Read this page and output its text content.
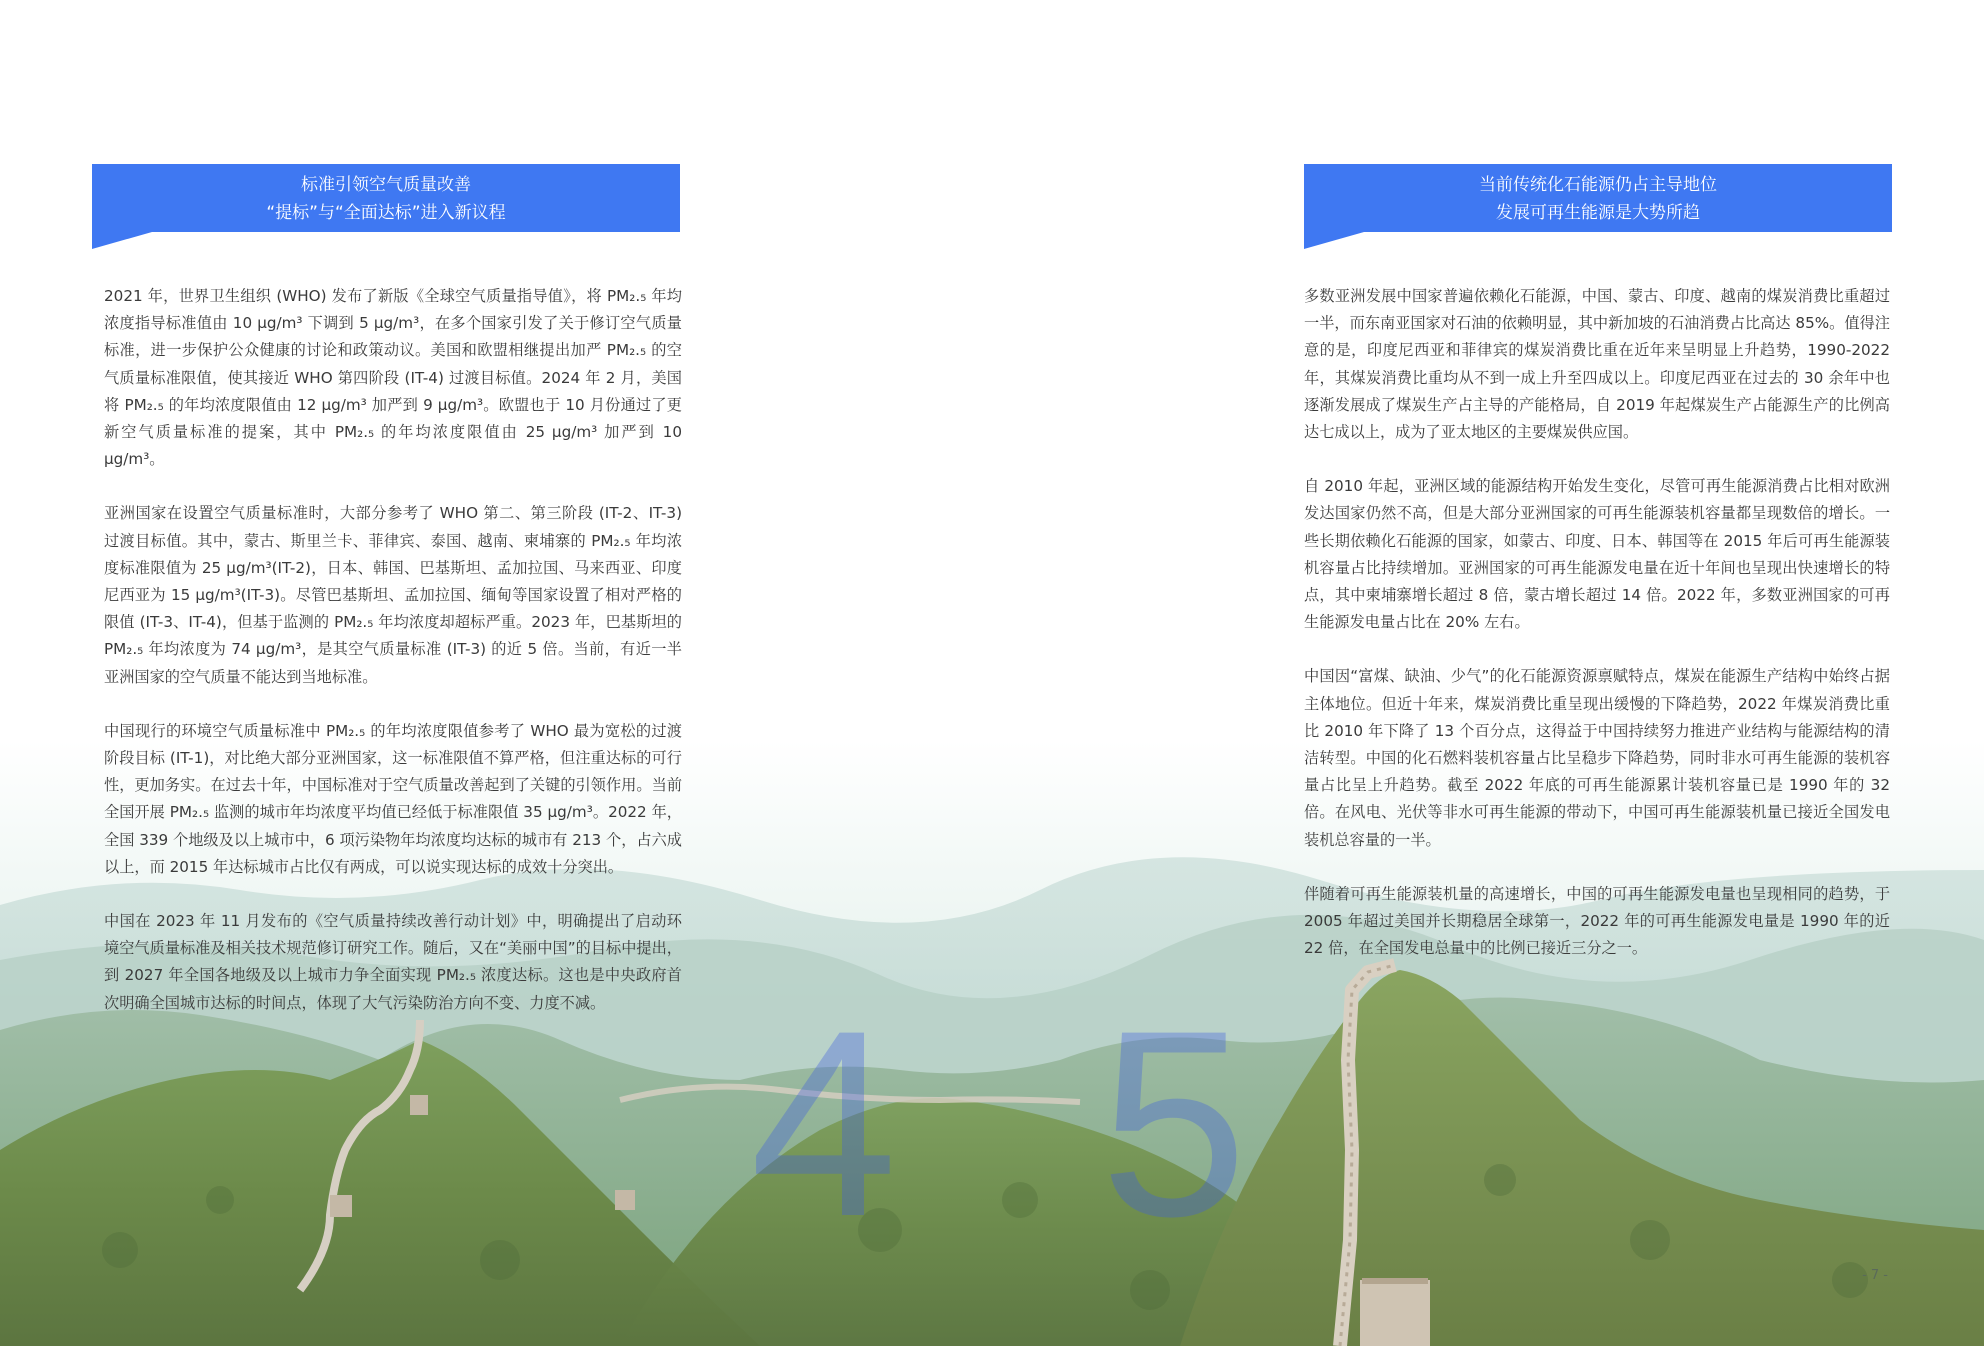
4 5
标准引领空气质量改善
“提标”与“全面达标”进入新议程
当前传统化石能源仍占主导地位
发展可再生能源是大势所趋

2021 年，世界卫生组织 (WHO) 发布了新版《全球空气质量指导值》，将 PM₂.₅ 年均浓度指导标准值由 10 μg/m³ 下调到 5 μg/m³，在多个国家引发了关于修订空气质量标准，进一步保护公众健康的讨论和政策动议。美国和欧盟相继提出加严 PM₂.₅ 的空气质量标准限值，使其接近 WHO 第四阶段 (IT-4) 过渡目标值。2024 年 2 月，美国将 PM₂.₅ 的年均浓度限值由 12 μg/m³ 加严到 9 μg/m³。欧盟也于 10 月份通过了更新空气质量标准的提案，其中 PM₂.₅ 的年均浓度限值由 25 μg/m³ 加严到 10 μg/m³。

亚洲国家在设置空气质量标准时，大部分参考了 WHO 第二、第三阶段 (IT-2、IT-3) 过渡目标值。其中，蒙古、斯里兰卡、菲律宾、泰国、越南、柬埔寨的 PM₂.₅ 年均浓度标准限值为 25 μg/m³(IT-2)，日本、韩国、巴基斯坦、孟加拉国、马来西亚、印度尼西亚为 15 μg/m³(IT-3)。尽管巴基斯坦、孟加拉国、缅甸等国家设置了相对严格的限值 (IT-3、IT-4)，但基于监测的 PM₂.₅ 年均浓度却超标严重。2023 年，巴基斯坦的 PM₂.₅ 年均浓度为 74 μg/m³，是其空气质量标准 (IT-3) 的近 5 倍。当前，有近一半亚洲国家的空气质量不能达到当地标准。

中国现行的环境空气质量标准中 PM₂.₅ 的年均浓度限值参考了 WHO 最为宽松的过渡阶段目标 (IT-1)，对比绝大部分亚洲国家，这一标准限值不算严格，但注重达标的可行性，更加务实。在过去十年，中国标准对于空气质量改善起到了关键的引领作用。当前全国开展 PM₂.₅ 监测的城市年均浓度平均值已经低于标准限值 35 μg/m³。2022 年，全国 339 个地级及以上城市中，6 项污染物年均浓度均达标的城市有 213 个，占六成以上，而 2015 年达标城市占比仅有两成，可以说实现达标的成效十分突出。

中国在 2023 年 11 月发布的《空气质量持续改善行动计划》中，明确提出了启动环境空气质量标准及相关技术规范修订研究工作。随后，又在“美丽中国”的目标中提出，到 2027 年全国各地级及以上城市力争全面实现 PM₂.₅ 浓度达标。这也是中央政府首次明确全国城市达标的时间点，体现了大气污染防治方向不变、力度不减。

多数亚洲发展中国家普遍依赖化石能源，中国、蒙古、印度、越南的煤炭消费比重超过一半，而东南亚国家对石油的依赖明显，其中新加坡的石油消费占比高达 85%。值得注意的是，印度尼西亚和菲律宾的煤炭消费比重在近年来呈明显上升趋势，1990-2022 年，其煤炭消费比重均从不到一成上升至四成以上。印度尼西亚在过去的 30 余年中也逐渐发展成了煤炭生产占主导的产能格局，自 2019 年起煤炭生产占能源生产的比例高达七成以上，成为了亚太地区的主要煤炭供应国。

自 2010 年起，亚洲区域的能源结构开始发生变化，尽管可再生能源消费占比相对欧洲发达国家仍然不高，但是大部分亚洲国家的可再生能源装机容量都呈现数倍的增长。一些长期依赖化石能源的国家，如蒙古、印度、日本、韩国等在 2015 年后可再生能源装机容量占比持续增加。亚洲国家的可再生能源发电量在近十年间也呈现出快速增长的特点，其中柬埔寨增长超过 8 倍，蒙古增长超过 14 倍。2022 年，多数亚洲国家的可再生能源发电量占比在 20% 左右。

中国因“富煤、缺油、少气”的化石能源资源禀赋特点，煤炭在能源生产结构中始终占据主体地位。但近十年来，煤炭消费比重呈现出缓慢的下降趋势，2022 年煤炭消费比重比 2010 年下降了 13 个百分点，这得益于中国持续努力推进产业结构与能源结构的清洁转型。中国的化石燃料装机容量占比呈稳步下降趋势，同时非水可再生能源的装机容量占比呈上升趋势。截至 2022 年底的可再生能源累计装机容量已是 1990 年的 32 倍。在风电、光伏等非水可再生能源的带动下，中国可再生能源装机量已接近全国发电装机总容量的一半。

伴随着可再生能源装机量的高速增长，中国的可再生能源发电量也呈现相同的趋势，于 2005 年超过美国并长期稳居全球第一，2022 年的可再生能源发电量是 1990 年的近 22 倍，在全国发电总量中的比例已接近三分之一。

- 7 -
